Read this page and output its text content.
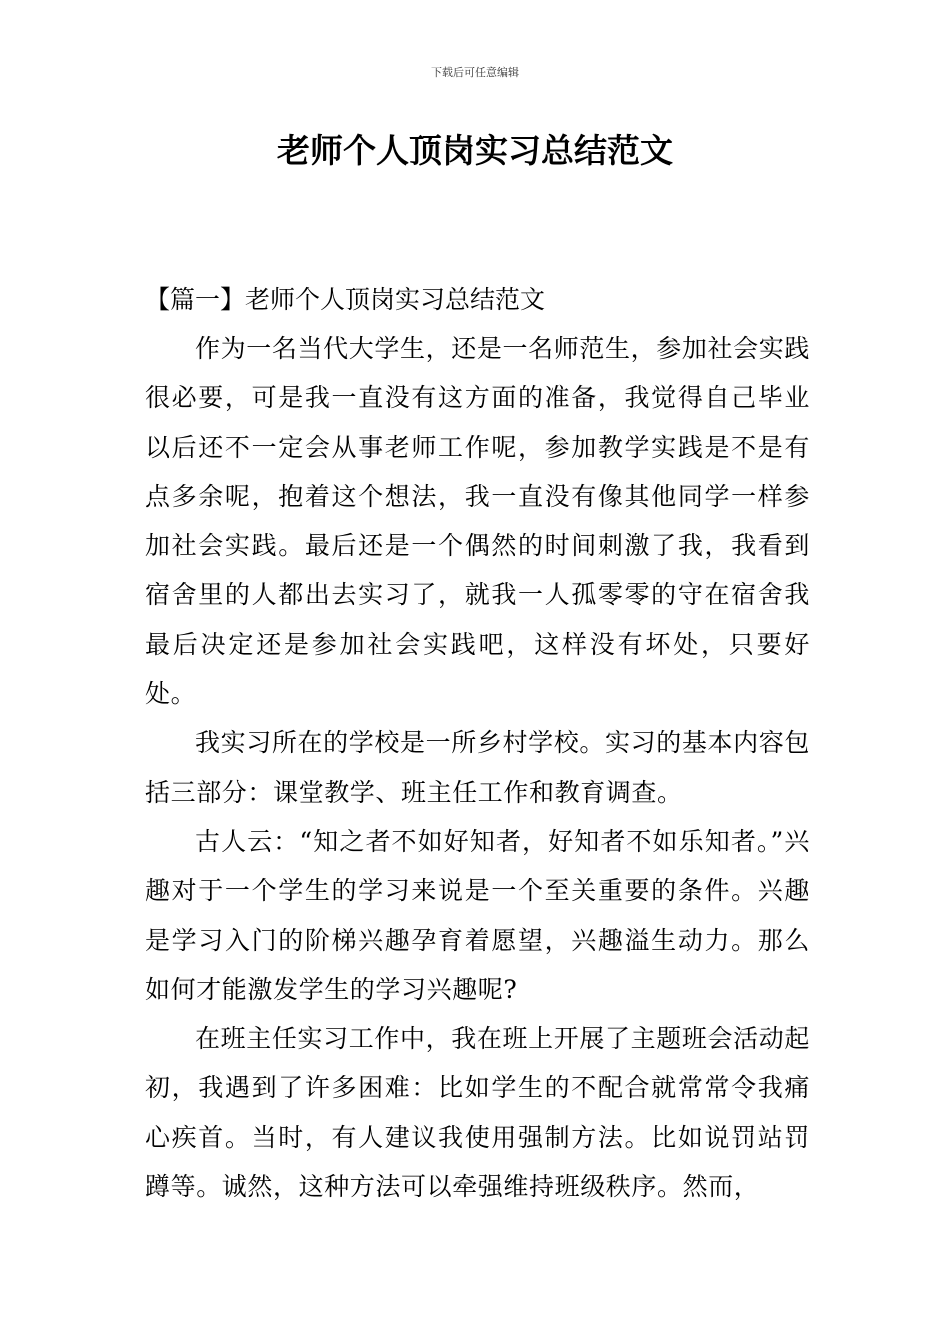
下载后可任意编辑
老师个人顶岗实习总结范文

【篇一】老师个人顶岗实习总结范文

作为一名当代大学生，还是一名师范生，参加社会实践很必要，可是我一直没有这方面的准备，我觉得自己毕业以后还不一定会从事老师工作呢，参加教学实践是不是有点多余呢，抱着这个想法，我一直没有像其他同学一样参加社会实践。最后还是一个偶然的时间刺激了我，我看到宿舍里的人都出去实习了，就我一人孤零零的守在宿舍我最后决定还是参加社会实践吧，这样没有坏处，只要好处。

我实习所在的学校是一所乡村学校。实习的基本内容包括三部分：课堂教学、班主任工作和教育调查。

古人云：“知之者不如好知者，好知者不如乐知者。”兴趣对于一个学生的学习来说是一个至关重要的条件。兴趣是学习入门的阶梯兴趣孕育着愿望，兴趣溢生动力。那么如何才能激发学生的学习兴趣呢?

在班主任实习工作中，我在班上开展了主题班会活动起初，我遇到了许多困难：比如学生的不配合就常常令我痛心疾首。当时，有人建议我使用强制方法。比如说罚站罚蹲等。诚然，这种方法可以牵强维持班级秩序。然而，
